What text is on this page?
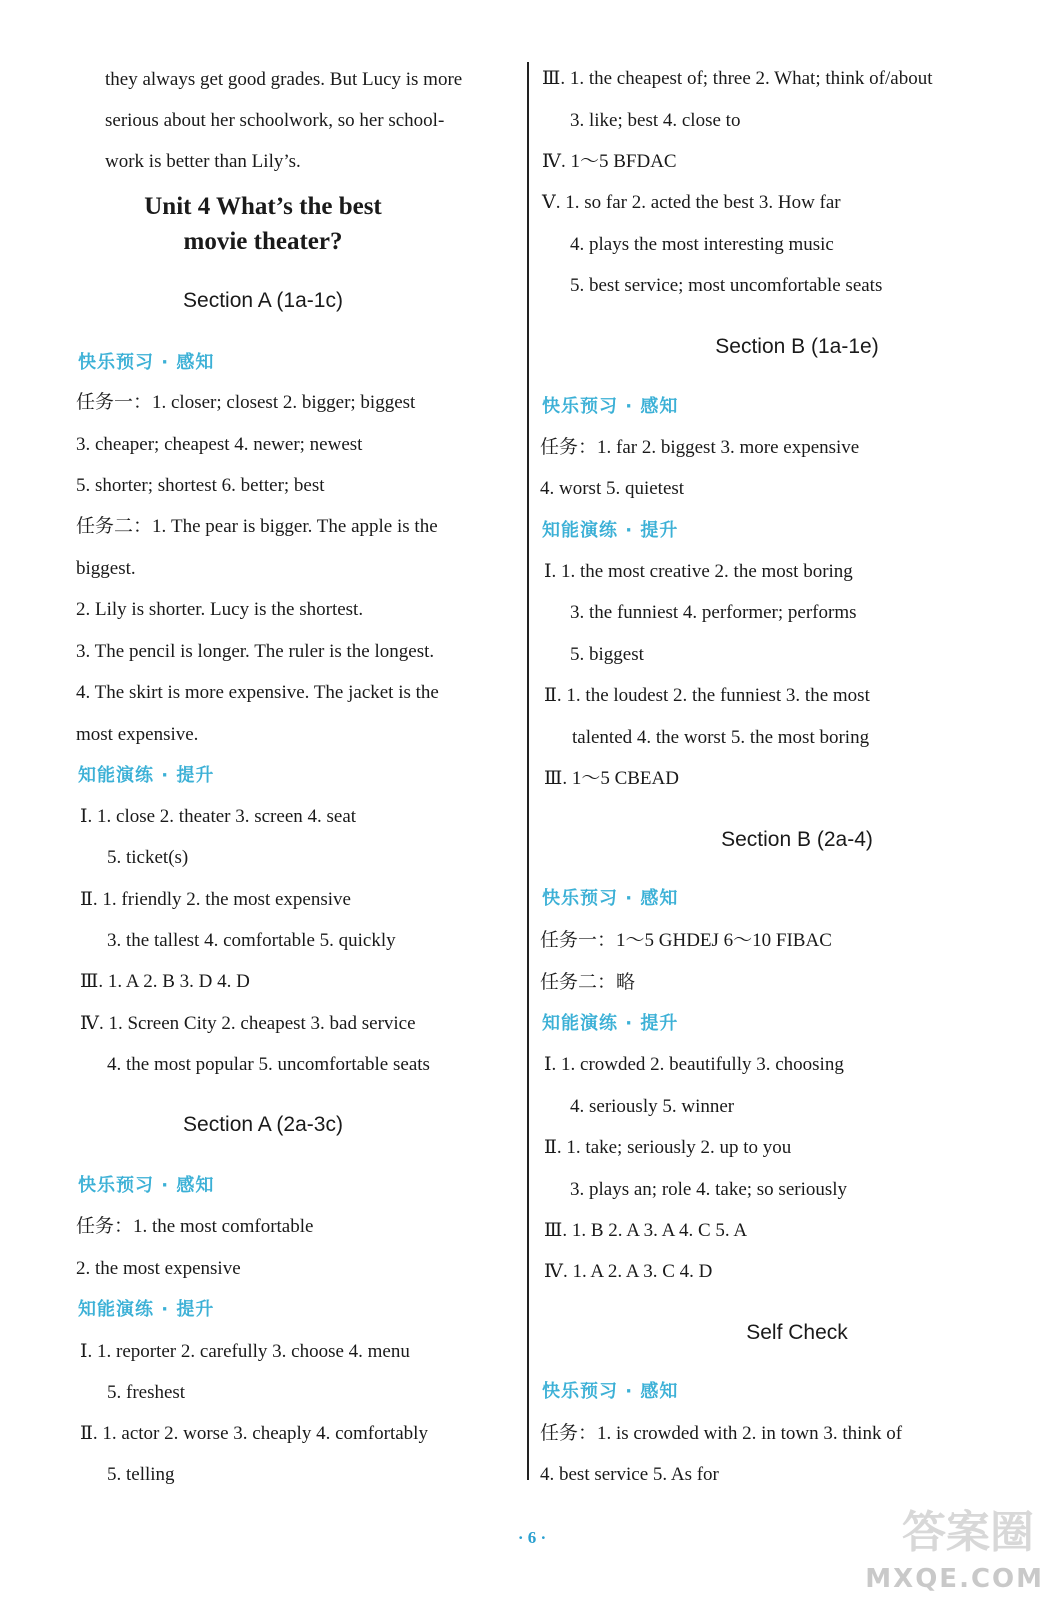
they always get good grades. But Lucy is more
serious about her schoolwork, so her school-
work is better than Lily’s.
Unit 4 What’s the best
movie theater?
Section A (1a-1c)
快乐预习 · 感知
任务一：1. closer; closest 2. bigger; biggest
3. cheaper; cheapest 4. newer; newest
5. shorter; shortest 6. better; best
任务二：1. The pear is bigger. The apple is the
biggest.
2. Lily is shorter. Lucy is the shortest.
3. The pencil is longer. The ruler is the longest.
4. The skirt is more expensive. The jacket is the
most expensive.
知能演练 · 提升
Ⅰ. 1. close 2. theater 3. screen 4. seat
5. ticket(s)
Ⅱ. 1. friendly 2. the most expensive
3. the tallest 4. comfortable 5. quickly
Ⅲ. 1. A 2. B 3. D 4. D
Ⅳ. 1. Screen City 2. cheapest 3. bad service
4. the most popular 5. uncomfortable seats
Section A (2a-3c)
快乐预习 · 感知
任务：1. the most comfortable
2. the most expensive
知能演练 · 提升
Ⅰ. 1. reporter 2. carefully 3. choose 4. menu
5. freshest
Ⅱ. 1. actor 2. worse 3. cheaply 4. comfortably
5. telling
Ⅲ. 1. the cheapest of; three 2. What; think of/about
3. like; best 4. close to
Ⅳ. 1～5 BFDAC
Ⅴ. 1. so far 2. acted the best 3. How far
4. plays the most interesting music
5. best service; most uncomfortable seats
Section B (1a-1e)
快乐预习 · 感知
任务：1. far 2. biggest 3. more expensive
4. worst 5. quietest
知能演练 · 提升
Ⅰ. 1. the most creative 2. the most boring
3. the funniest 4. performer; performs
5. biggest
Ⅱ. 1. the loudest 2. the funniest 3. the most
talented 4. the worst 5. the most boring
Ⅲ. 1～5 CBEAD
Section B (2a-4)
快乐预习 · 感知
任务一：1～5 GHDEJ 6～10 FIBAC
任务二：略
知能演练 · 提升
Ⅰ. 1. crowded 2. beautifully 3. choosing
4. seriously 5. winner
Ⅱ. 1. take; seriously 2. up to you
3. plays an; role 4. take; so seriously
Ⅲ. 1. B 2. A 3. A 4. C 5. A
Ⅳ. 1. A 2. A 3. C 4. D
Self Check
快乐预习 · 感知
任务：1. is crowded with 2. in town 3. think of
4. best service 5. As for
· 6 ·	答案圈
MXQE.COM
